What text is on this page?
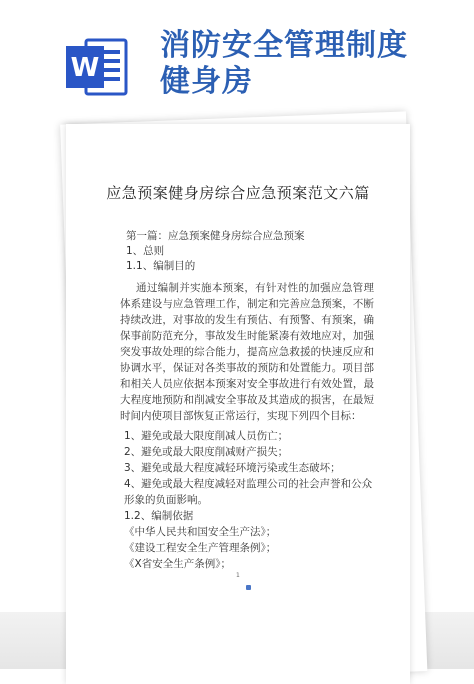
W
消防安全管理制度
健身房
应急预案健身房综合应急预案范文六篇

第一篇：应急预案健身房综合应急预案

1、总则

1.1、编制目的

通过编制并实施本预案，有针对性的加强应急管理体系建设与应急管理工作，制定和完善应急预案，不断持续改进，对事故的发生有预估、有预警、有预案，确保事前防范充分，事故发生时能紧凑有效地应对，加强突发事故处理的综合能力，提高应急救援的快速反应和协调水平，保证对各类事故的预防和处置能力。项目部和相关人员应依据本预案对安全事故进行有效处置，最大程度地预防和削减安全事故及其造成的损害，在最短时间内使项目部恢复正常运行，实现下列四个目标：
1、避免或最大限度削减人员伤亡；
2、避免或最大限度削减财产损失；
3、避免或最大程度减轻环境污染或生态破坏；
4、避免或最大程度减轻对监理公司的社会声誉和公众形象的负面影响。
1.2、编制依据
《中华人民共和国安全生产法》；
《建设工程安全生产管理条例》；
《X省安全生产条例》；
1
